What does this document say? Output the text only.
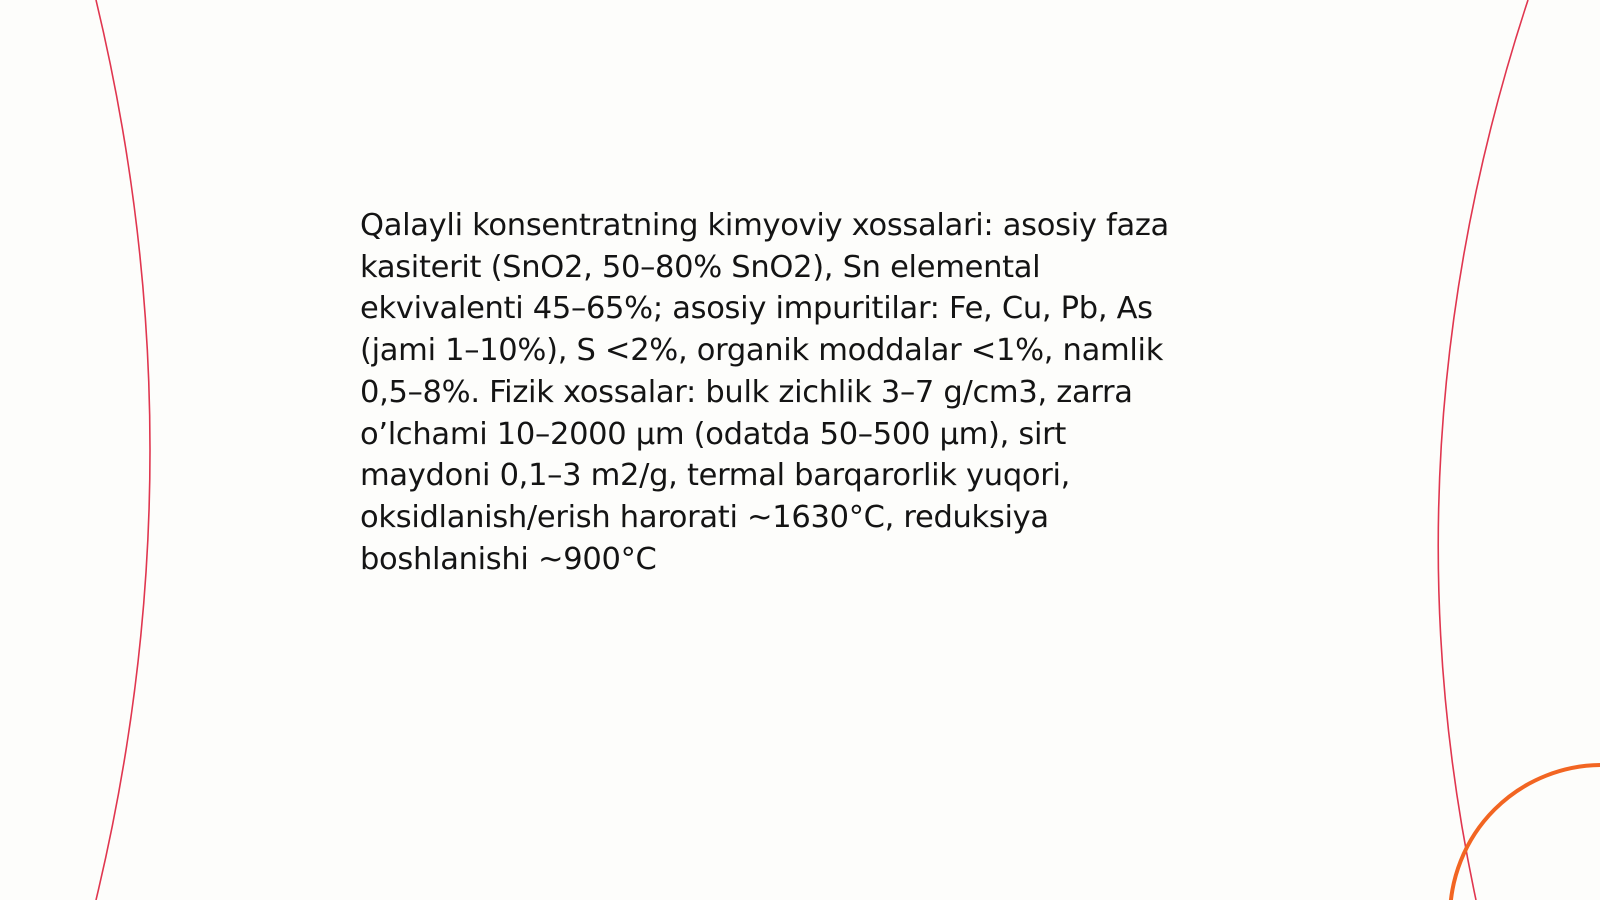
Qalayli konsentratning kimyoviy xossalari: asosiy faza
kasiterit (SnO2, 50–80% SnO2), Sn elemental
ekvivalenti 45–65%; asosiy impuritilar: Fe, Cu, Pb, As
(jami 1–10%), S <2%, organik moddalar <1%, namlik
0,5–8%. Fizik xossalar: bulk zichlik 3–7 g/cm3, zarra
o’lchami 10–2000 µm (odatda 50–500 µm), sirt
maydoni 0,1–3 m2/g, termal barqarorlik yuqori,
oksidlanish/erish harorati ~1630°C, reduksiya
boshlanishi ~900°C
